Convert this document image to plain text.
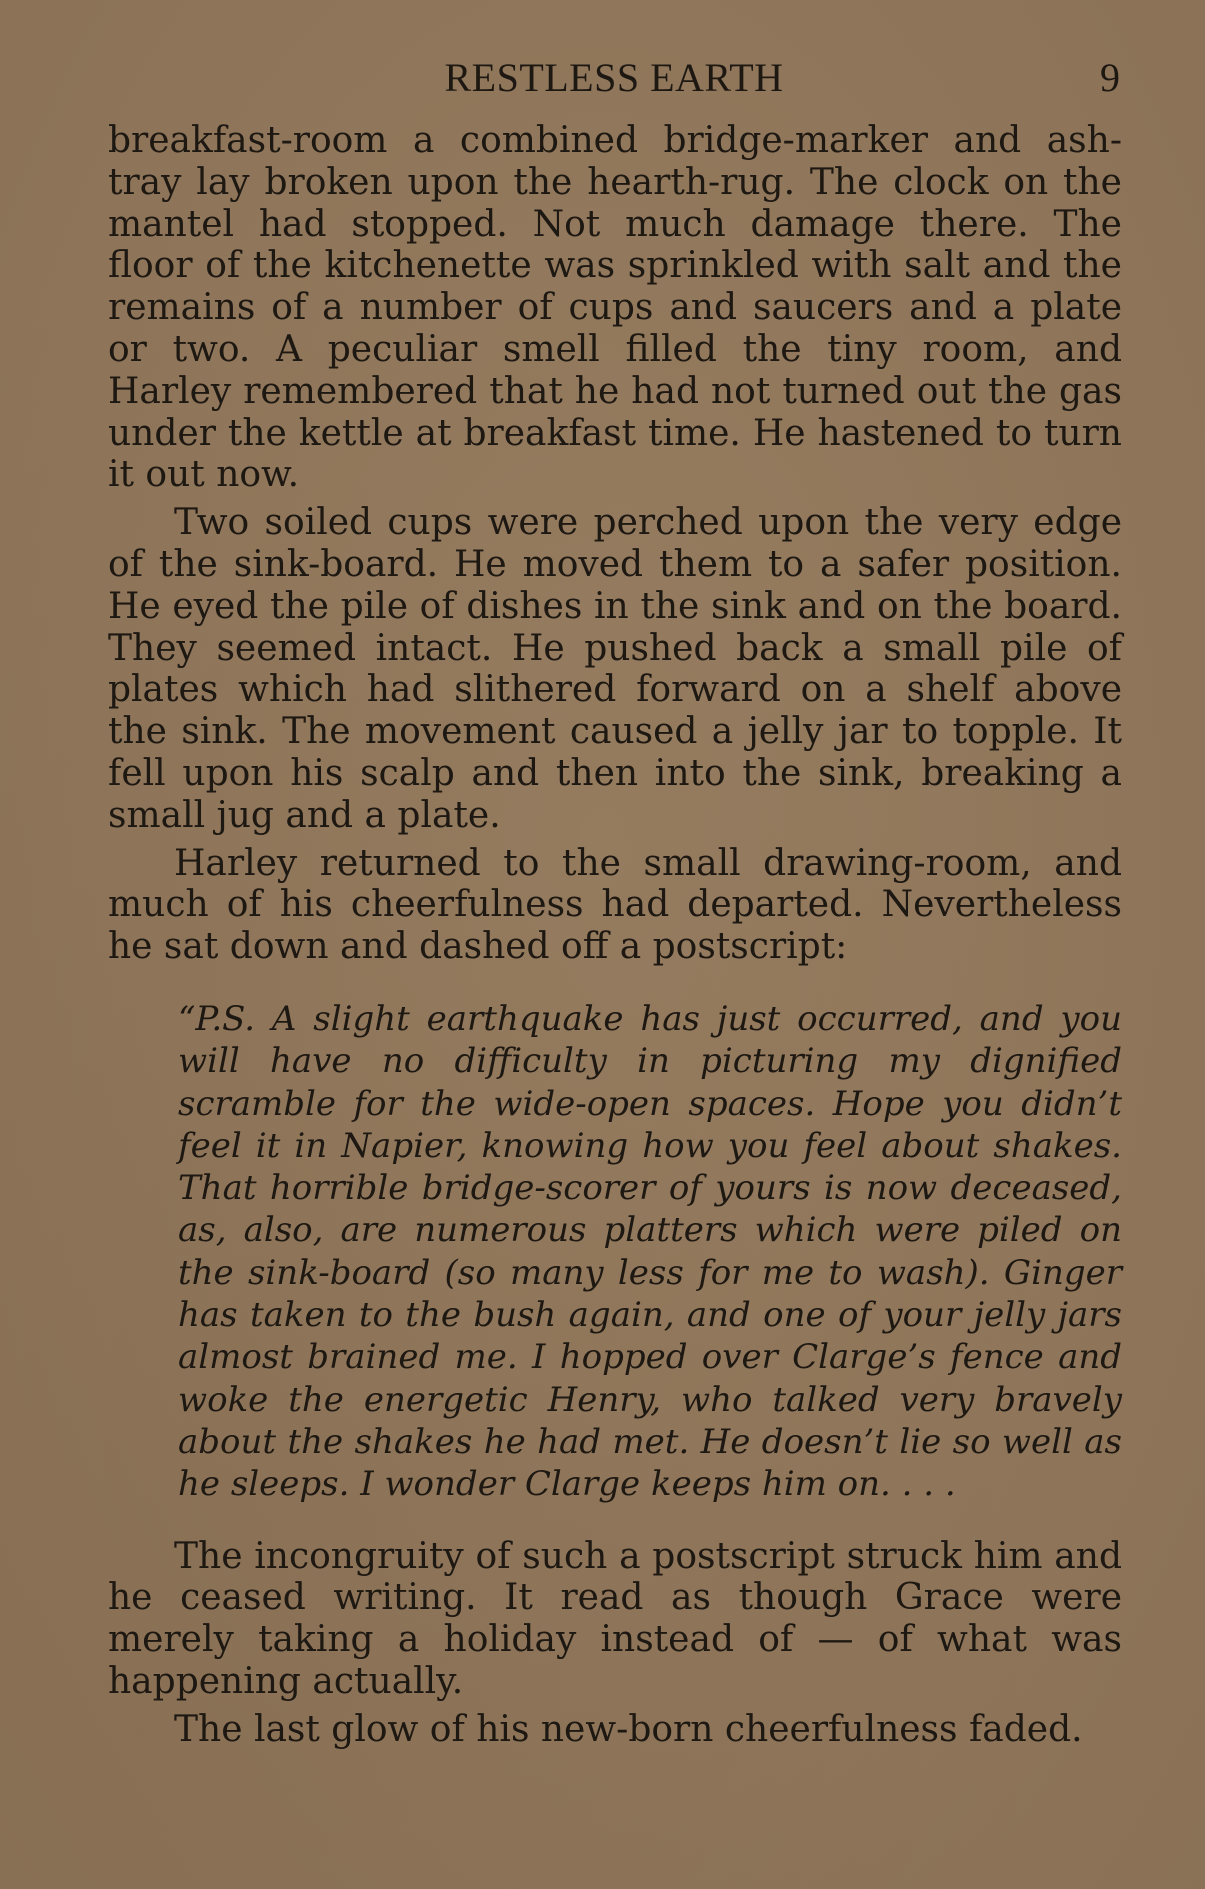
RESTLESS EARTH	9

breakfast-room a combined bridge-marker and ash-tray lay broken upon the hearth-rug. The clock on the mantel had stopped. Not much damage there. The floor of the kitchenette was sprinkled with salt and the remains of a number of cups and saucers and a plate or two. A peculiar smell filled the tiny room, and Harley remembered that he had not turned out the gas under the kettle at breakfast time. He hastened to turn it out now.

Two soiled cups were perched upon the very edge of the sink-board. He moved them to a safer position. He eyed the pile of dishes in the sink and on the board. They seemed intact. He pushed back a small pile of plates which had slithered forward on a shelf above the sink. The movement caused a jelly jar to topple. It fell upon his scalp and then into the sink, breaking a small jug and a plate.

Harley returned to the small drawing-room, and much of his cheerfulness had departed. Nevertheless he sat down and dashed off a postscript:

“P.S. A slight earthquake has just occurred, and you will have no difficulty in picturing my dignified scramble for the wide-open spaces. Hope you didn’t feel it in Napier, knowing how you feel about shakes. That horrible bridge-scorer of yours is now deceased, as, also, are numerous platters which were piled on the sink-board (so many less for me to wash). Ginger has taken to the bush again, and one of your jelly jars almost brained me. I hopped over Clarge’s fence and woke the energetic Henry, who talked very bravely about the shakes he had met. He doesn’t lie so well as he sleeps. I wonder Clarge keeps him on. . . .

The incongruity of such a postscript struck him and he ceased writing. It read as though Grace were merely taking a holiday instead of — of what was happening actually.

The last glow of his new-born cheerfulness faded.
